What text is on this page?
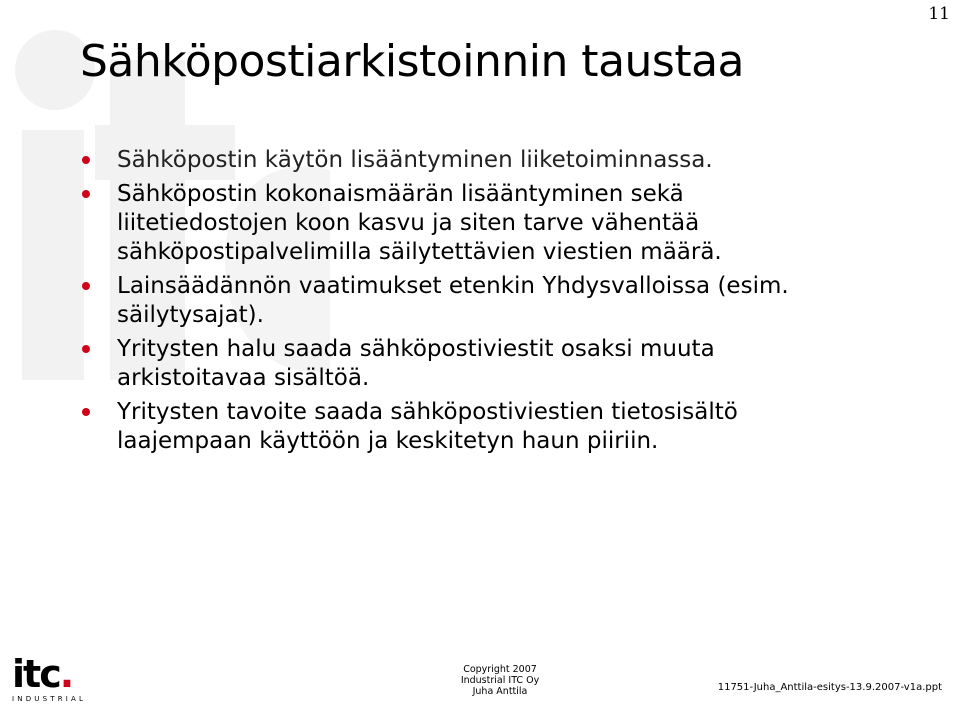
11
Sähköpostiarkistoinnin taustaa
Sähköpostin käytön lisääntyminen liiketoiminnassa.
Sähköpostin kokonaismäärän lisääntyminen sekä liitetiedostojen koon kasvu ja siten tarve vähentää sähköpostipalvelimilla säilytettävien viestien määrä.
Lainsäädännön vaatimukset etenkin Yhdysvalloissa (esim. säilytysajat).
Yritysten halu saada sähköpostiviestit osaksi muuta arkistoitavaa sisältöä.
Yritysten tavoite saada sähköpostiviestien tietosisältö laajempaan käyttöön ja keskitetyn haun piiriin.
itc.
INDUSTRIAL
Copyright 2007
Industrial ITC Oy
Juha Anttila	11751-Juha_Anttila-esitys-13.9.2007-v1a.ppt
